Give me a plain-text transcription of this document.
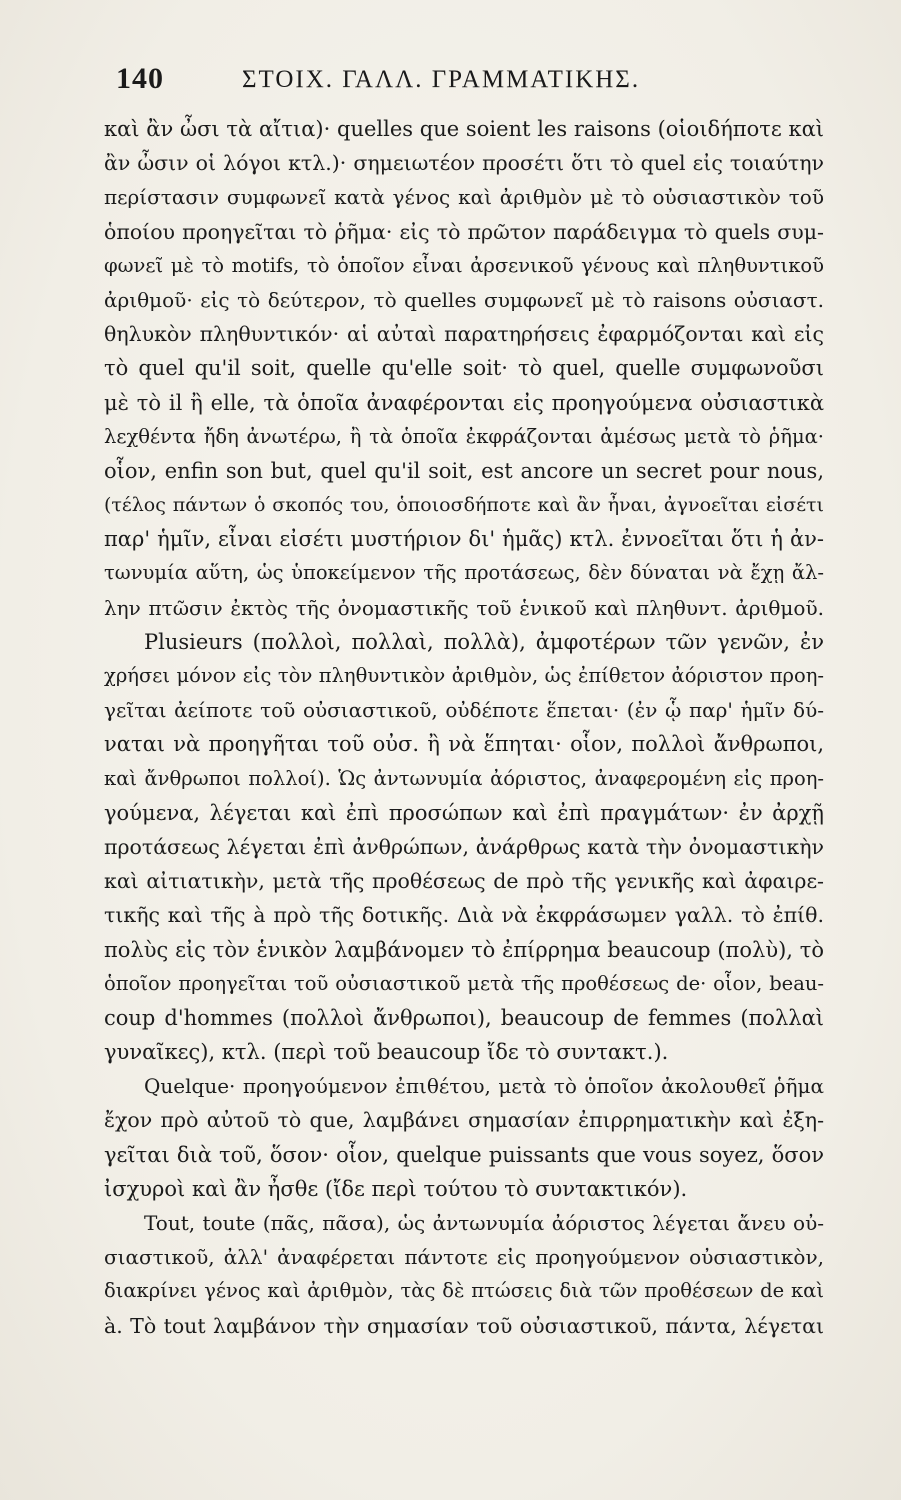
140	ΣΤΟΙΧ. ΓΑΛΛ. ΓΡΑΜΜΑΤΙΚΗΣ.
καὶ ἂν ὦσι τὰ αἴτια)· quelles que soient les raisons (οἱοιδήποτε καὶ
ἂν ὦσιν οἱ λόγοι κτλ.)· σημειωτέον προσέτι ὅτι τὸ quel εἰς τοιαύτην
περίστασιν συμφωνεῖ κατὰ γένος καὶ ἀριθμὸν μὲ τὸ οὐσιαστικὸν τοῦ
ὁποίου προηγεῖται τὸ ῥῆμα· εἰς τὸ πρῶτον παράδειγμα τὸ quels συμ-
φωνεῖ μὲ τὸ motifs, τὸ ὁποῖον εἶναι ἀρσενικοῦ γένους καὶ πληθυντικοῦ
ἀριθμοῦ· εἰς τὸ δεύτερον, τὸ quelles συμφωνεῖ μὲ τὸ raisons οὐσιαστ.
θηλυκὸν πληθυντικόν· αἱ αὐταὶ παρατηρήσεις ἐφαρμόζονται καὶ εἰς
τὸ quel qu'il soit, quelle qu'elle soit· τὸ quel, quelle συμφωνοῦσι
μὲ τὸ il ἢ elle, τὰ ὁποῖα ἀναφέρονται εἰς προηγούμενα οὐσιαστικὰ
λεχθέντα ἤδη ἀνωτέρω, ἢ τὰ ὁποῖα ἐκφράζονται ἀμέσως μετὰ τὸ ῥῆμα·
οἷον, enfin son but, quel qu'il soit, est ancore un secret pour nous,
(τέλος πάντων ὁ σκοπός του, ὁποιοσδήποτε καὶ ἂν ἦναι, ἀγνοεῖται εἰσέτι
παρ' ἡμῖν, εἶναι εἰσέτι μυστήριον δι' ἡμᾶς) κτλ. ἐννοεῖται ὅτι ἡ ἀν-
τωνυμία αὕτη, ὡς ὑποκείμενον τῆς προτάσεως, δὲν δύναται νὰ ἔχῃ ἄλ-
λην πτῶσιν ἐκτὸς τῆς ὀνομαστικῆς τοῦ ἑνικοῦ καὶ πληθυντ. ἀριθμοῦ.
Plusieurs (πολλοὶ, πολλαὶ, πολλὰ), ἀμφοτέρων τῶν γενῶν, ἐν
χρήσει μόνον εἰς τὸν πληθυντικὸν ἀριθμὸν, ὡς ἐπίθετον ἀόριστον προη-
γεῖται ἀείποτε τοῦ οὐσιαστικοῦ, οὐδέποτε ἕπεται· (ἐν ᾧ παρ' ἡμῖν δύ-
ναται νὰ προηγῆται τοῦ οὐσ. ἢ νὰ ἕπηται· οἷον, πολλοὶ ἄνθρωποι,
καὶ ἄνθρωποι πολλοί). Ὡς ἀντωνυμία ἀόριστος, ἀναφερομένη εἰς προη-
γούμενα, λέγεται καὶ ἐπὶ προσώπων καὶ ἐπὶ πραγμάτων· ἐν ἀρχῇ
προτάσεως λέγεται ἐπὶ ἀνθρώπων, ἀνάρθρως κατὰ τὴν ὀνομαστικὴν
καὶ αἰτιατικὴν, μετὰ τῆς προθέσεως de πρὸ τῆς γενικῆς καὶ ἀφαιρε-
τικῆς καὶ τῆς à πρὸ τῆς δοτικῆς. Διὰ νὰ ἐκφράσωμεν γαλλ. τὸ ἐπίθ.
πολὺς εἰς τὸν ἑνικὸν λαμβάνομεν τὸ ἐπίρρημα beaucoup (πολὺ), τὸ
ὁποῖον προηγεῖται τοῦ οὐσιαστικοῦ μετὰ τῆς προθέσεως de· οἷον, beau-
coup d'hommes (πολλοὶ ἄνθρωποι), beaucoup de femmes (πολλαὶ
γυναῖκες), κτλ. (περὶ τοῦ beaucoup ἴδε τὸ συντακτ.).
Quelque· προηγούμενον ἐπιθέτου, μετὰ τὸ ὁποῖον ἀκολουθεῖ ῥῆμα
ἔχον πρὸ αὐτοῦ τὸ que, λαμβάνει σημασίαν ἐπιρρηματικὴν καὶ ἐξη-
γεῖται διὰ τοῦ, ὅσον· οἷον, quelque puissants que vous soyez, ὅσον
ἰσχυροὶ καὶ ἂν ἦσθε (ἴδε περὶ τούτου τὸ συντακτικόν).
Tout, toute (πᾶς, πᾶσα), ὡς ἀντωνυμία ἀόριστος λέγεται ἄνευ οὐ-
σιαστικοῦ, ἀλλ' ἀναφέρεται πάντοτε εἰς προηγούμενον οὐσιαστικὸν,
διακρίνει γένος καὶ ἀριθμὸν, τὰς δὲ πτώσεις διὰ τῶν προθέσεων de καὶ
à. Τὸ tout λαμβάνον τὴν σημασίαν τοῦ οὐσιαστικοῦ, πάντα, λέγεται
